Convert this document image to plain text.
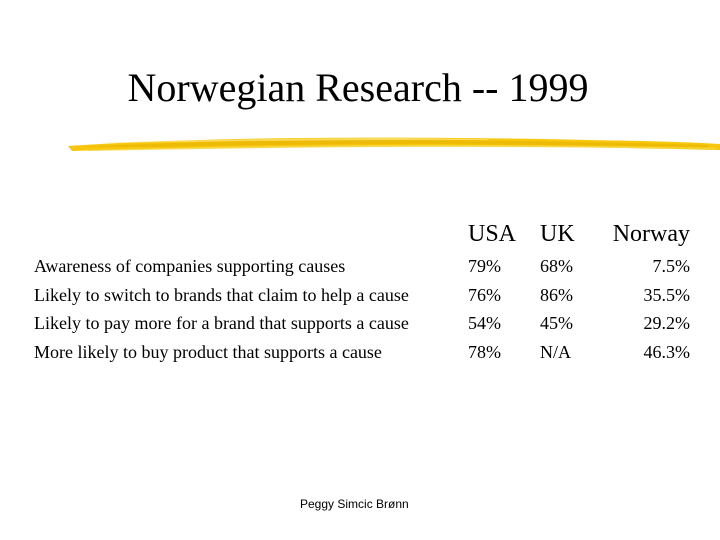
Norwegian Research -- 1999
	USA	UK	Norway
Awareness of companies supporting causes	79%	68%	7.5%
Likely to switch to brands that claim to help a cause	76%	86%	35.5%
Likely to pay more for a brand that supports a cause	54%	45%	29.2%
More likely to buy product that supports a cause	78%	N/A	46.3%
Peggy Simcic Brønn
